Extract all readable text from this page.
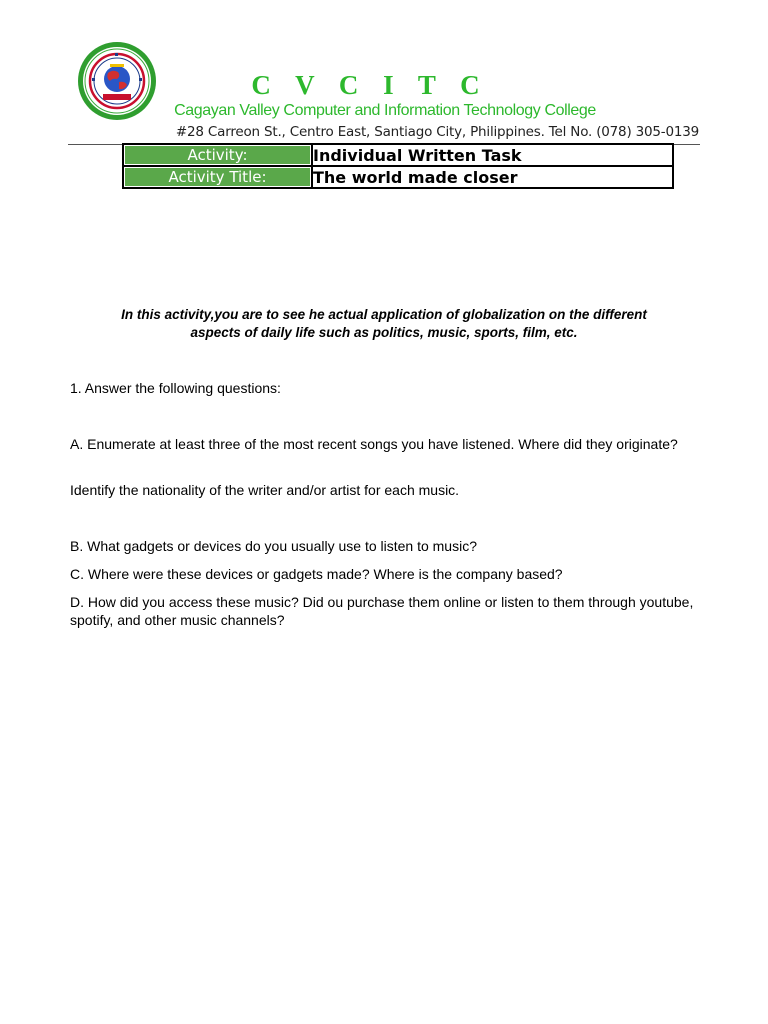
C V C I T C
Cagayan Valley Computer and Information Technology College
#28 Carreon St., Centro East, Santiago City, Philippines. Tel No. (078) 305-0139
Activity:	Individual Written Task
Activity Title:	The world made closer
In this activity,you are to see he actual application of globalization on the different
aspects of daily life such as politics, music, sports, film, etc.
1. Answer the following questions:
A. Enumerate at least three of the most recent songs you have listened. Where did they originate?
Identify the nationality of the writer and/or artist for each music.
B. What gadgets or devices do you usually use to listen to music?
C. Where were these devices or gadgets made? Where is the company based?
D. How did you access these music? Did ou purchase them online or listen to them through youtube, spotify, and other music channels?
